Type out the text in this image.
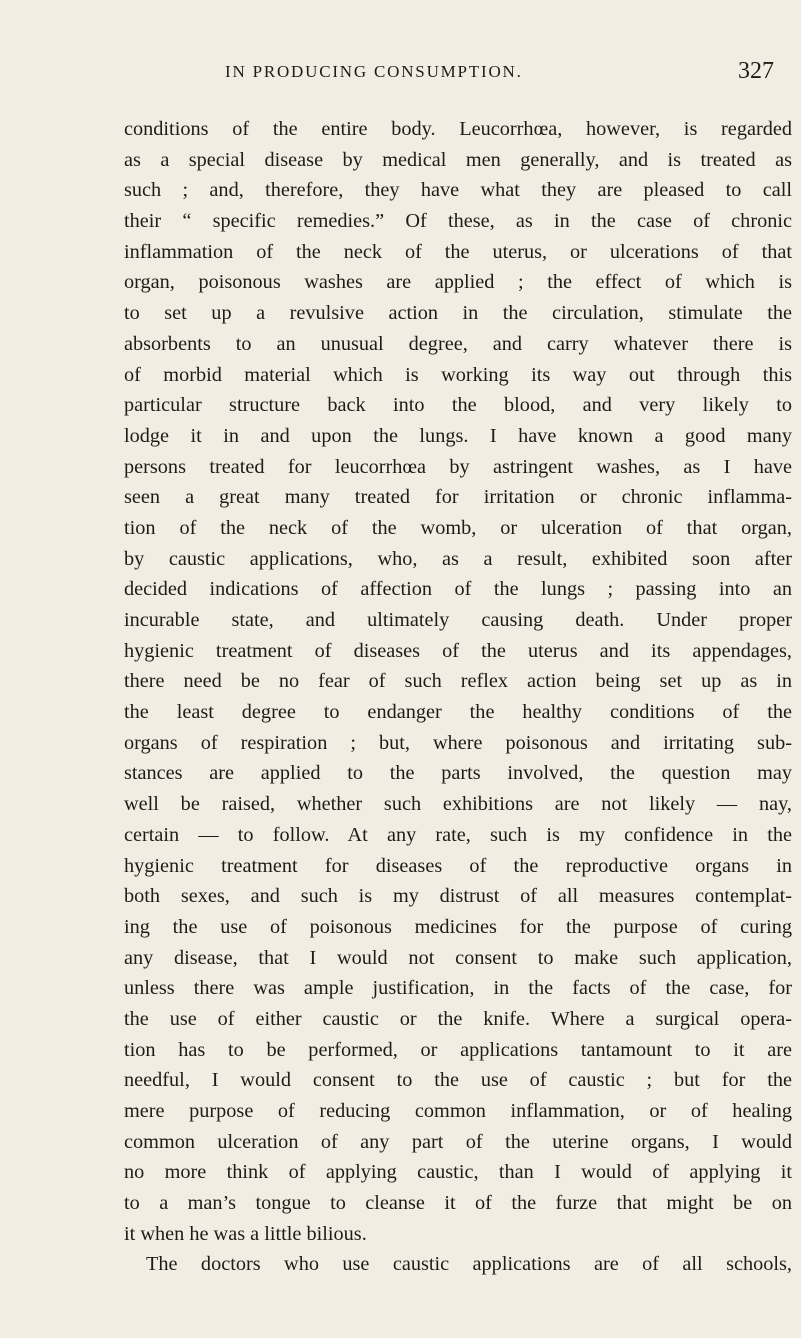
IN PRODUCING CONSUMPTION.	327
conditions of the entire body. Leucorrhœa, however, is regarded
as a special disease by medical men generally, and is treated as
such ; and, therefore, they have what they are pleased to call
their “ specific remedies.” Of these, as in the case of chronic
inflammation of the neck of the uterus, or ulcerations of that
organ, poisonous washes are applied ; the effect of which is
to set up a revulsive action in the circulation, stimulate the
absorbents to an unusual degree, and carry whatever there is
of morbid material which is working its way out through this
particular structure back into the blood, and very likely to
lodge it in and upon the lungs. I have known a good many
persons treated for leucorrhœa by astringent washes, as I have
seen a great many treated for irritation or chronic inflamma-
tion of the neck of the womb, or ulceration of that organ,
by caustic applications, who, as a result, exhibited soon after
decided indications of affection of the lungs ; passing into an
incurable state, and ultimately causing death. Under proper
hygienic treatment of diseases of the uterus and its appendages,
there need be no fear of such reflex action being set up as in
the least degree to endanger the healthy conditions of the
organs of respiration ; but, where poisonous and irritating sub-
stances are applied to the parts involved, the question may
well be raised, whether such exhibitions are not likely — nay,
certain — to follow. At any rate, such is my confidence in the
hygienic treatment for diseases of the reproductive organs in
both sexes, and such is my distrust of all measures contemplat-
ing the use of poisonous medicines for the purpose of curing
any disease, that I would not consent to make such application,
unless there was ample justification, in the facts of the case, for
the use of either caustic or the knife. Where a surgical opera-
tion has to be performed, or applications tantamount to it are
needful, I would consent to the use of caustic ; but for the
mere purpose of reducing common inflammation, or of healing
common ulceration of any part of the uterine organs, I would
no more think of applying caustic, than I would of applying it
to a man’s tongue to cleanse it of the furze that might be on
it when he was a little bilious.
The doctors who use caustic applications are of all schools,
